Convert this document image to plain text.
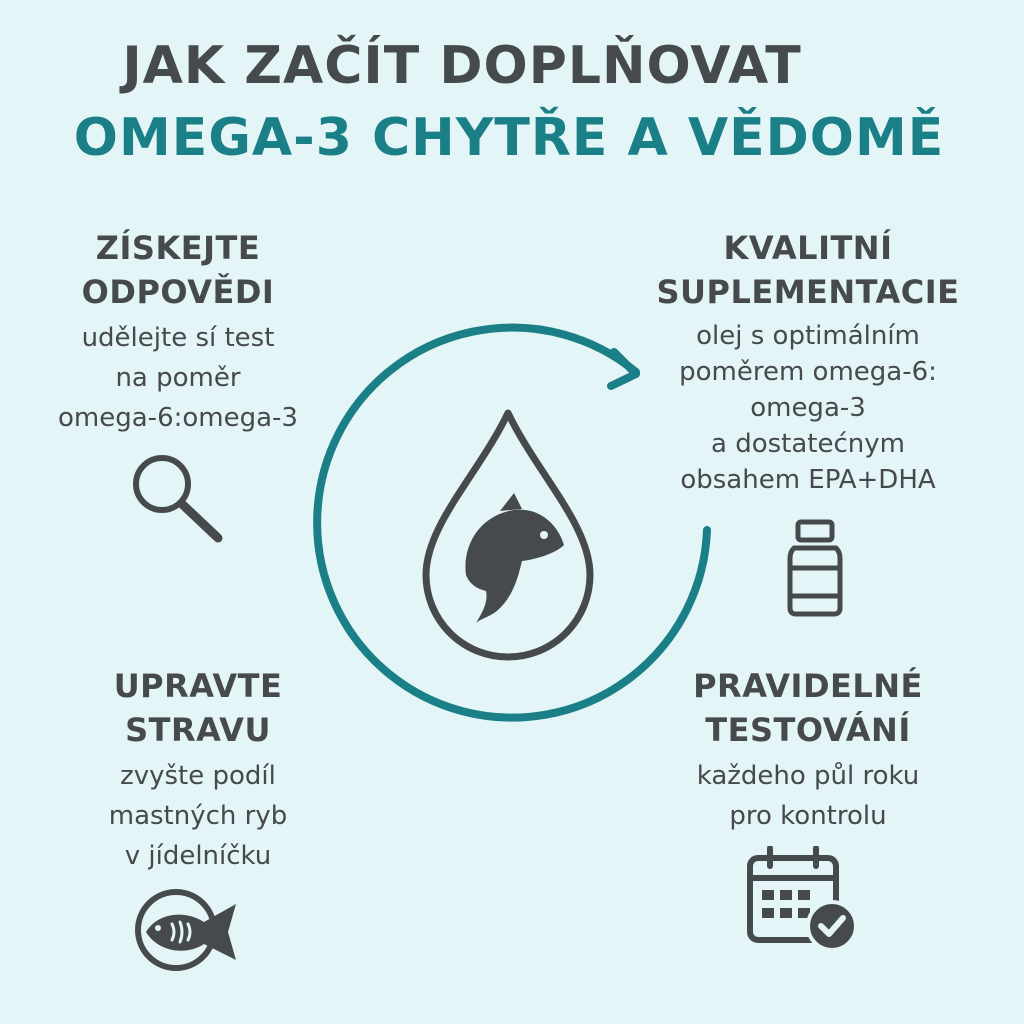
JAK ZAČÍT DOPLŇOVAT
OMEGA-3 CHYTŘE A VĚDOMĚ
ZÍSKEJTE
ODPOVĚDI
udělejte sí test
na poměr
omega-6:omega-3
KVALITNÍ
SUPLEMENTACIE
olej s optimálním
poměrem omega-6:
omega-3
a dostatećnym
obsahem EPA+DHA
UPRAVTE
STRAVU
zvyšte podíl
mastných ryb
v jídelníčku
PRAVIDELNÉ
TESTOVÁNÍ
každeho půl roku
pro kontrolu
